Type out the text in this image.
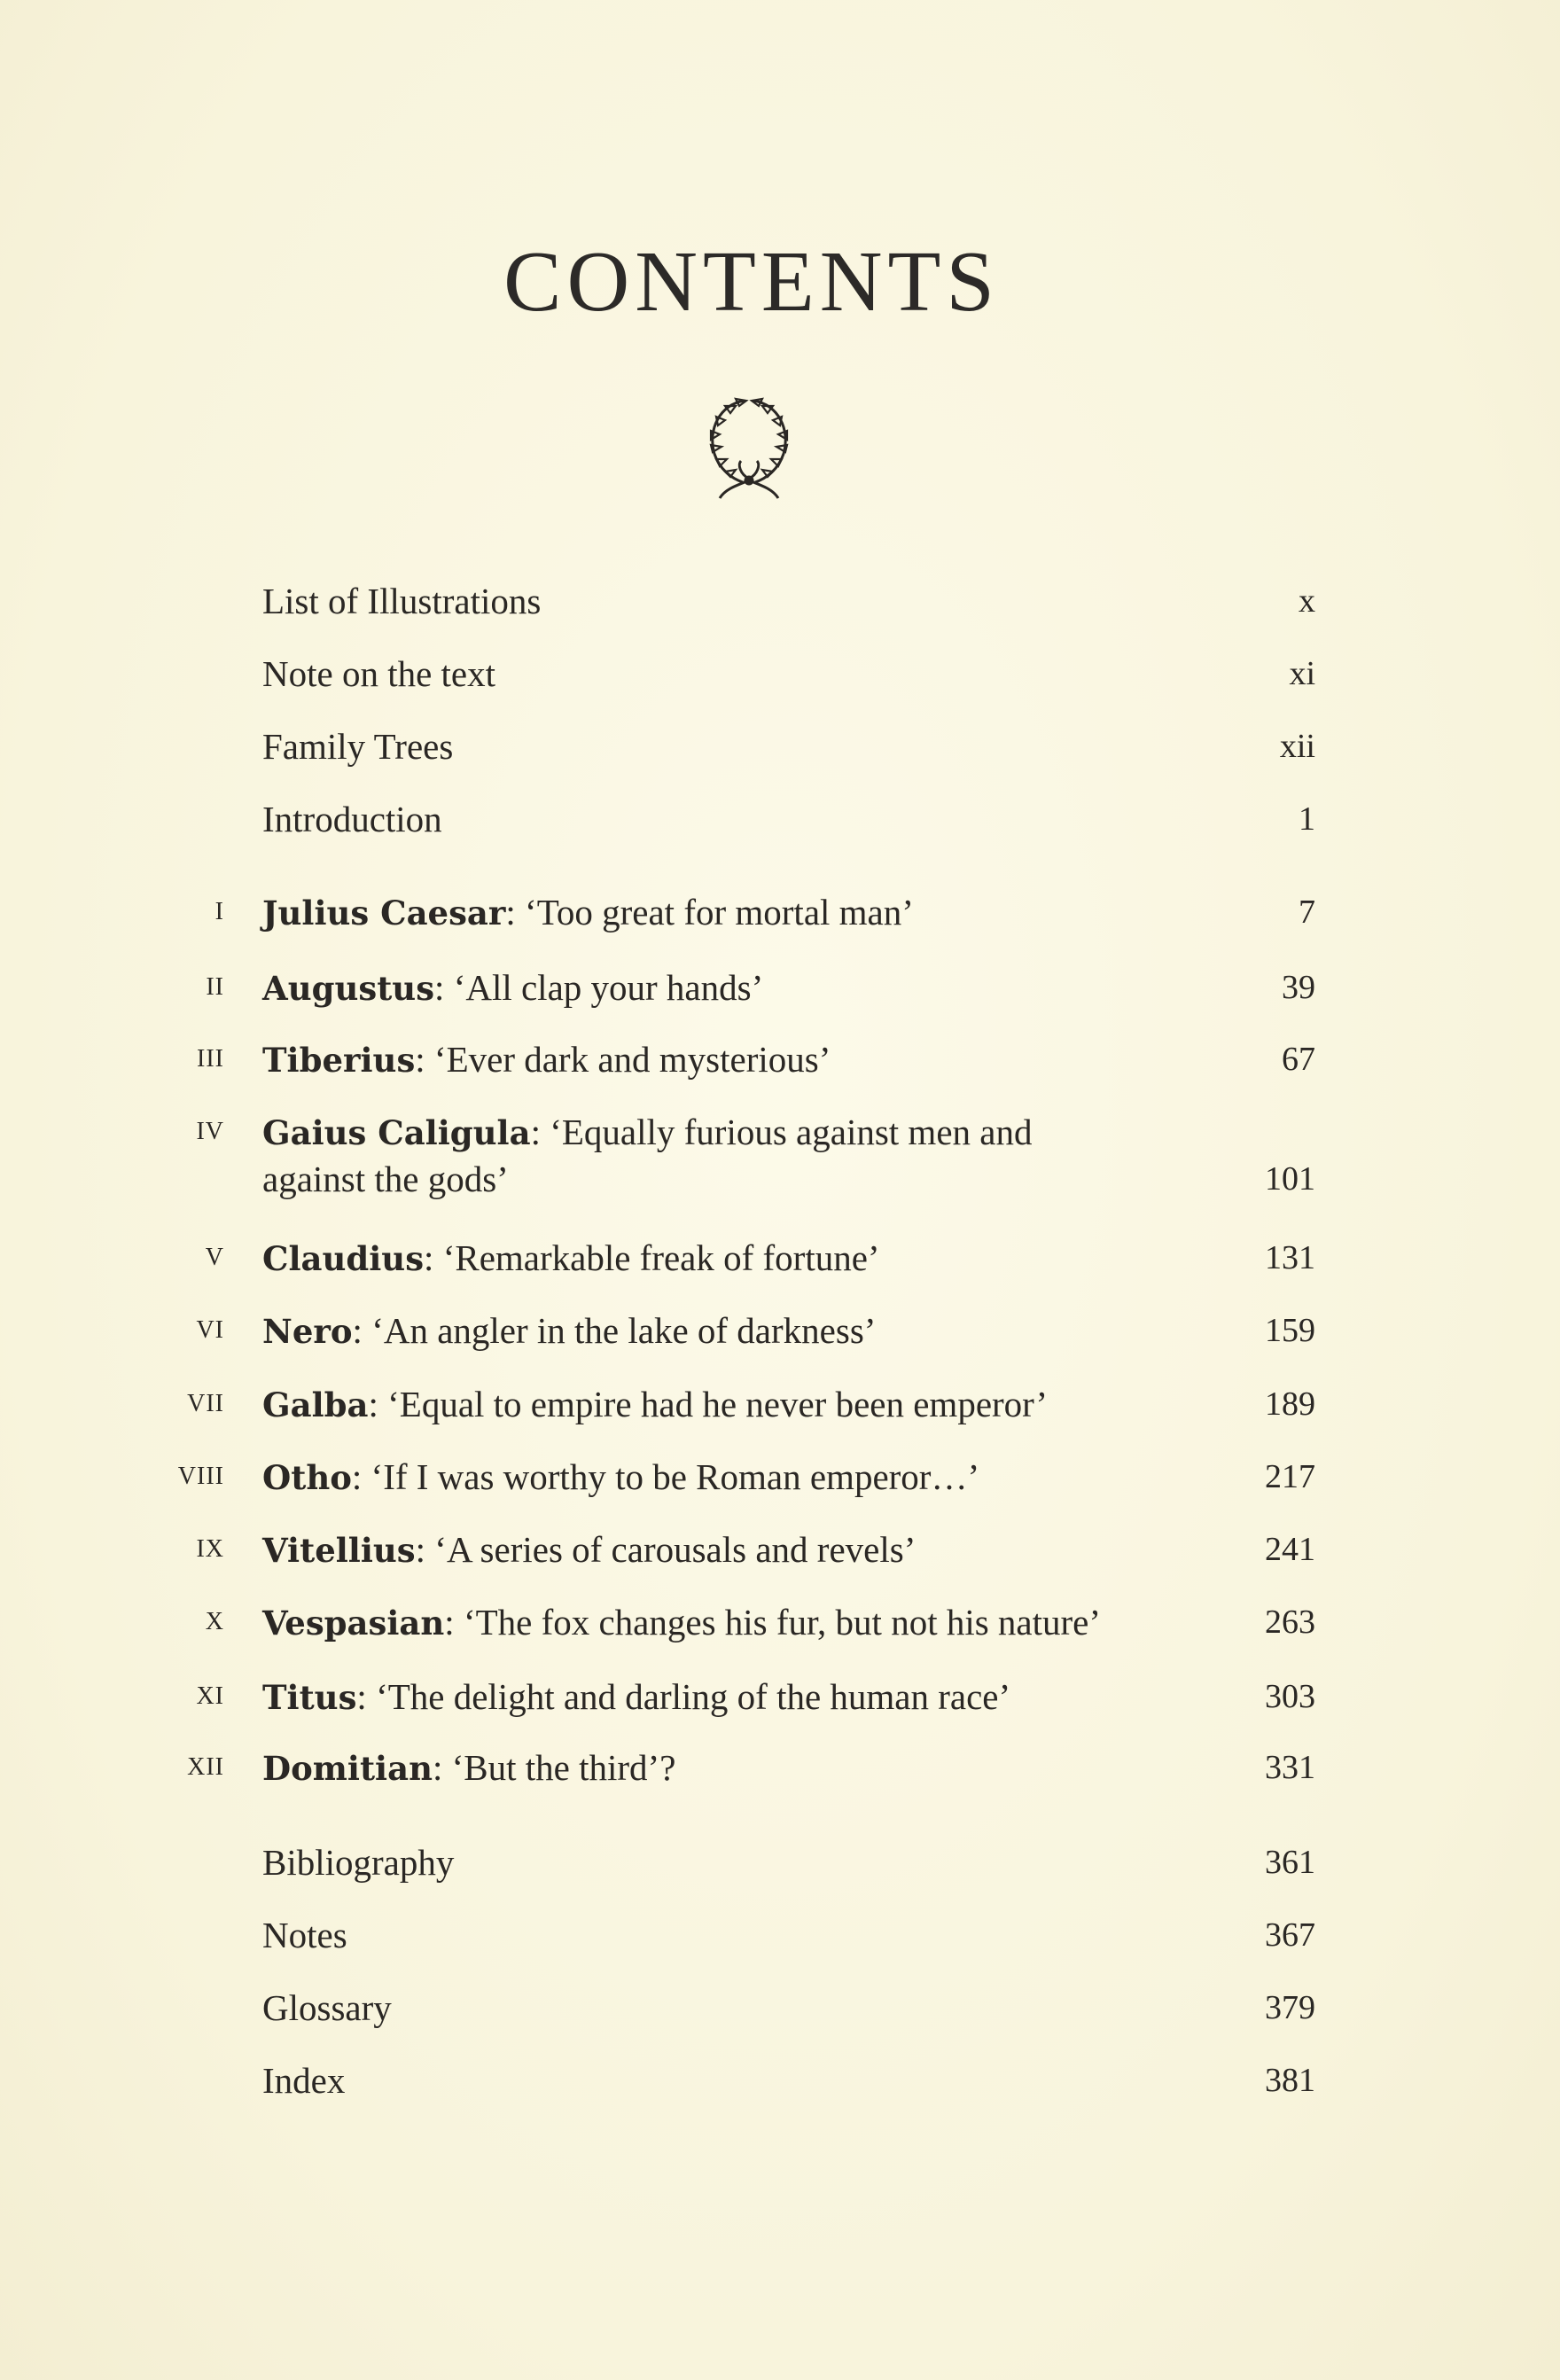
CONTENTS
List of Illustrations	x
Note on the text	xi
Family Trees	xii
Introduction	1
I Julius Caesar: ‘Too great for mortal man’	7
II Augustus: ‘All clap your hands’	39
III Tiberius: ‘Ever dark and mysterious’	67
IV Gaius Caligula: ‘Equally furious against men and
against the gods’	101
V Claudius: ‘Remarkable freak of fortune’	131
VI Nero: ‘An angler in the lake of darkness’	159
VII Galba: ‘Equal to empire had he never been emperor’	189
VIII Otho: ‘If I was worthy to be Roman emperor…’	217
IX Vitellius: ‘A series of carousals and revels’	241
X Vespasian: ‘The fox changes his fur, but not his nature’	263
XI Titus: ‘The delight and darling of the human race’	303
XII Domitian: ‘But the third’?	331
Bibliography	361
Notes	367
Glossary	379
Index	381
